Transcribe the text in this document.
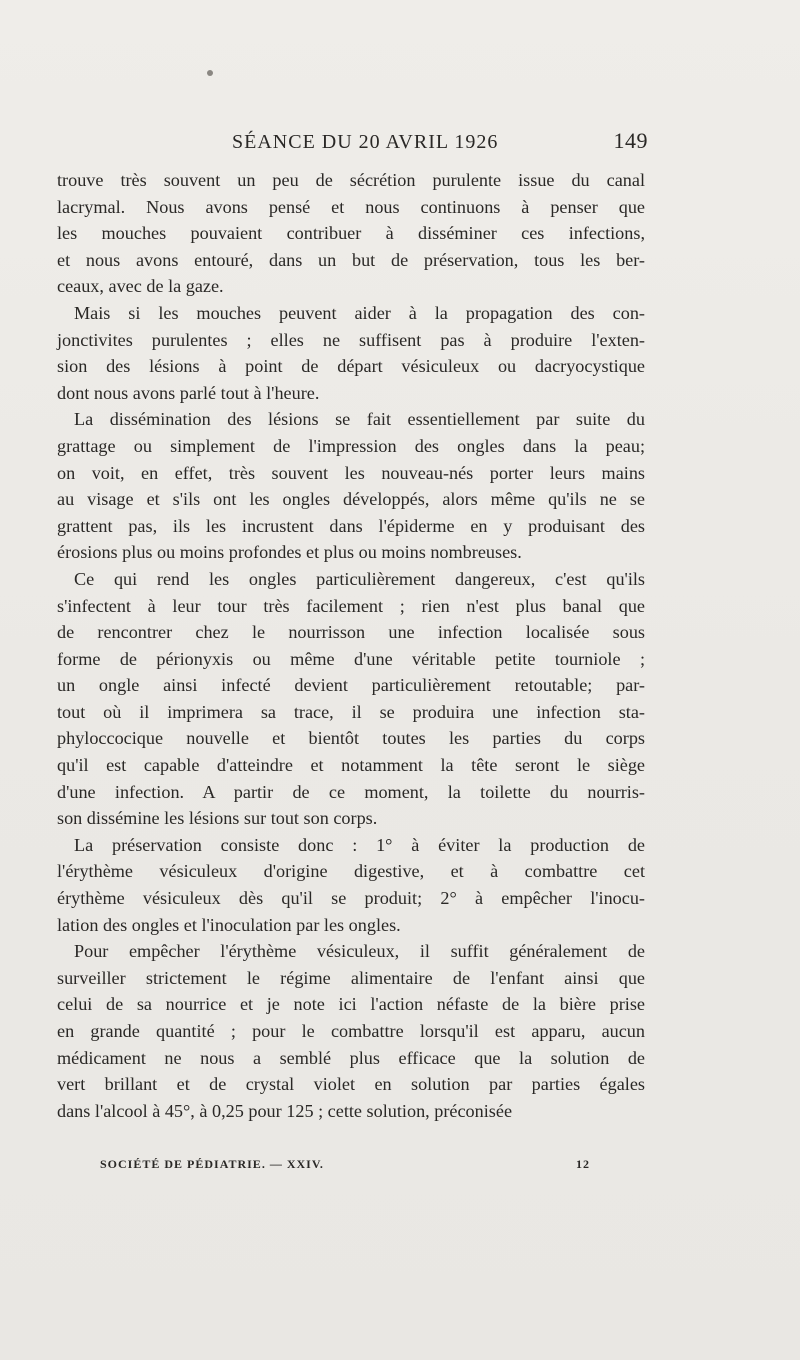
SÉANCE DU 20 AVRIL 1926	149

trouve très souvent un peu de sécrétion purulente issue du canal
lacrymal. Nous avons pensé et nous continuons à penser que
les mouches pouvaient contribuer à disséminer ces infections,
et nous avons entouré, dans un but de préservation, tous les ber-
ceaux, avec de la gaze.

Mais si les mouches peuvent aider à la propagation des con-
jonctivites purulentes ; elles ne suffisent pas à produire l'exten-
sion des lésions à point de départ vésiculeux ou dacryocystique
dont nous avons parlé tout à l'heure.

La dissémination des lésions se fait essentiellement par suite du
grattage ou simplement de l'impression des ongles dans la peau;
on voit, en effet, très souvent les nouveau-nés porter leurs mains
au visage et s'ils ont les ongles développés, alors même qu'ils ne se
grattent pas, ils les incrustent dans l'épiderme en y produisant des
érosions plus ou moins profondes et plus ou moins nombreuses.

Ce qui rend les ongles particulièrement dangereux, c'est qu'ils
s'infectent à leur tour très facilement ; rien n'est plus banal que
de rencontrer chez le nourrisson une infection localisée sous
forme de périonyxis ou même d'une véritable petite tourniole ;
un ongle ainsi infecté devient particulièrement retoutable; par-
tout où il imprimera sa trace, il se produira une infection sta-
phyloccocique nouvelle et bientôt toutes les parties du corps
qu'il est capable d'atteindre et notamment la tête seront le siège
d'une infection. A partir de ce moment, la toilette du nourris-
son dissémine les lésions sur tout son corps.

La préservation consiste donc : 1° à éviter la production de
l'érythème vésiculeux d'origine digestive, et à combattre cet
érythème vésiculeux dès qu'il se produit; 2° à empêcher l'inocu-
lation des ongles et l'inoculation par les ongles.

Pour empêcher l'érythème vésiculeux, il suffit généralement de
surveiller strictement le régime alimentaire de l'enfant ainsi que
celui de sa nourrice et je note ici l'action néfaste de la bière prise
en grande quantité ; pour le combattre lorsqu'il est apparu, aucun
médicament ne nous a semblé plus efficace que la solution de
vert brillant et de crystal violet en solution par parties égales
dans l'alcool à 45°, à 0,25 pour 125 ; cette solution, préconisée

SOCIÉTÉ DE PÉDIATRIE. — XXIV.	12
